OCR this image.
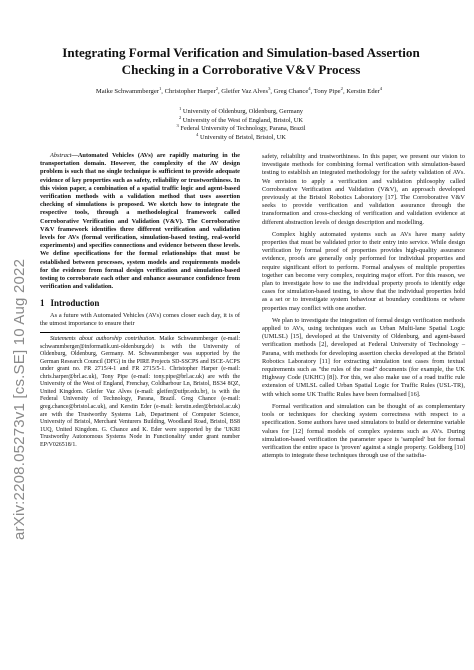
arXiv:2208.05273v1 [cs.SE] 10 Aug 2022
Integrating Formal Verification and Simulation-based Assertion
Checking in a Corroborative V&V Process
Maike Schwammberger$^1$, Christopher Harper$^2$, Gleifer Vaz Alves$^3$, Greg Chance$^4$, Tony Pipe$^2$, Kerstin Eder$^4$
$^1$ University of Oldenburg, Oldenburg, Germany
$^2$ University of the West of England, Bristol, UK
$^3$ Federal University of Technology, Parana, Brazil
$^4$ University of Bristol, Bristol, UK

Abstract—Automated Vehicles (AVs) are rapidly maturing in the transportation domain. However, the complexity of the AV design problem is such that no single technique is sufficient to provide adequate evidence of key properties such as safety, reliability or trustworthiness. In this vision paper, a combination of a spatial traffic logic and agent-based verification methods with a validation method that uses assertion checking of simulations is proposed. We sketch how to integrate the respective tools, through a methodological framework called Corroborative Verification and Validation (V&V). The Corroborative V&V framework identifies three different verification and validation levels for AVs (formal verification, simulation-based testing, real-world experiments) and specifies connections and evidence between these levels. We define specifications for the formal relationships that must be established between processes, system models and requirements models for the evidence from formal design verification and simulation-based testing to corroborate each other and enhance assurance confidence from verification and validation.

1 Introduction

As a future with Automated Vehicles (AVs) comes closer each day, it is of the utmost importance to ensure their

Statements about authorship contribution. Maike Schwammberger (e-mail: schwammberger@informatik.uni-oldenburg.de) is with the University of Oldenburg, Oldenburg, Germany. M. Schwammberger was supported by the German Research Council (DFG) in the PIRE Projects SD-SSCPS and ISCE-ACPS under grant no. FR 2715/4-1 and FR 2715/5-1. Christopher Harper (e-mail: chris.harper@brl.ac.uk), Tony Pipe (e-mail: tony.pipe@brl.ac.uk) are with the University of the West of England, Frenchay, Coldharbour Ln, Bristol, BS34 8QZ, United Kingdom. Gleifer Vaz Alves (e-mail: gleifer@utfpr.edu.br), is with the Federal University of Technology, Parana, Brazil. Greg Chance (e-mail: greg.chance@bristol.ac.uk), and Kerstin Eder (e-mail: kerstin.eder@bristol.ac.uk) are with the Trustworthy Systems Lab, Department of Computer Science, University of Bristol, Merchant Venturers Building, Woodland Road, Bristol, BS8 1UQ, United Kingdom. G. Chance and K. Eder were supported by the 'UKRI Trustworthy Autonomous Systems Node in Functionality' under grant number EP/V026518/1.

safety, reliability and trustworthiness. In this paper, we present our vision to investigate methods for combining formal verification with simulation-based testing to establish an integrated methodology for the safety validation of AVs. We envision to apply a verification and validation philosophy called Corroborative Verification and Validation (V&V), an approach developed previously at the Bristol Robotics Laboratory [17]. The Corroborative V&V seeks to provide verification and validation assurance through the transformation and cross-checking of verification and validation evidence at different abstraction levels of design description and modelling.

Complex highly automated systems such as AVs have many safety properties that must be validated prior to their entry into service. While design verification by formal proof of properties provides high-quality assurance evidence, proofs are generally only performed for individual properties and require significant effort to perform. Formal analyses of multiple properties together can become very complex, requiring major effort. For this reason, we plan to investigate how to use the individual property proofs to identify edge cases for simulation-based testing, to show that the individual properties hold as a set or to investigate system behaviour at boundary conditions or where properties may conflict with one another.

We plan to investigate the integration of formal design verification methods applied to AVs, using techniques such as Urban Multi-lane Spatial Logic (UMLSL) [15], developed at the University of Oldenburg, and agent-based verification methods [2], developed at Federal University of Technology – Parana, with methods for developing assertion checks developed at the Bristol Robotics Laboratory [11] for extracting simulation test cases from textual requirements such as "the rules of the road" documents (for example, the UK Highway Code (UKHC) [8]). For this, we also make use of a road traffic rule extension of UMLSL called Urban Spatial Logic for Traffic Rules (USL-TR), with which some UK Traffic Rules have been formalised [16].

Formal verification and simulation can be thought of as complementary tools or techniques for checking system correctness with respect to a specification. Some authors have used simulators to build or determine variable values for [12] formal models of complex systems such as AVs. During simulation-based verification the parameter space is 'sampled' but for formal verification the entire space is 'proven' against a single property. Goldberg [10] attempts to integrate these techniques through use of the satisfia-
